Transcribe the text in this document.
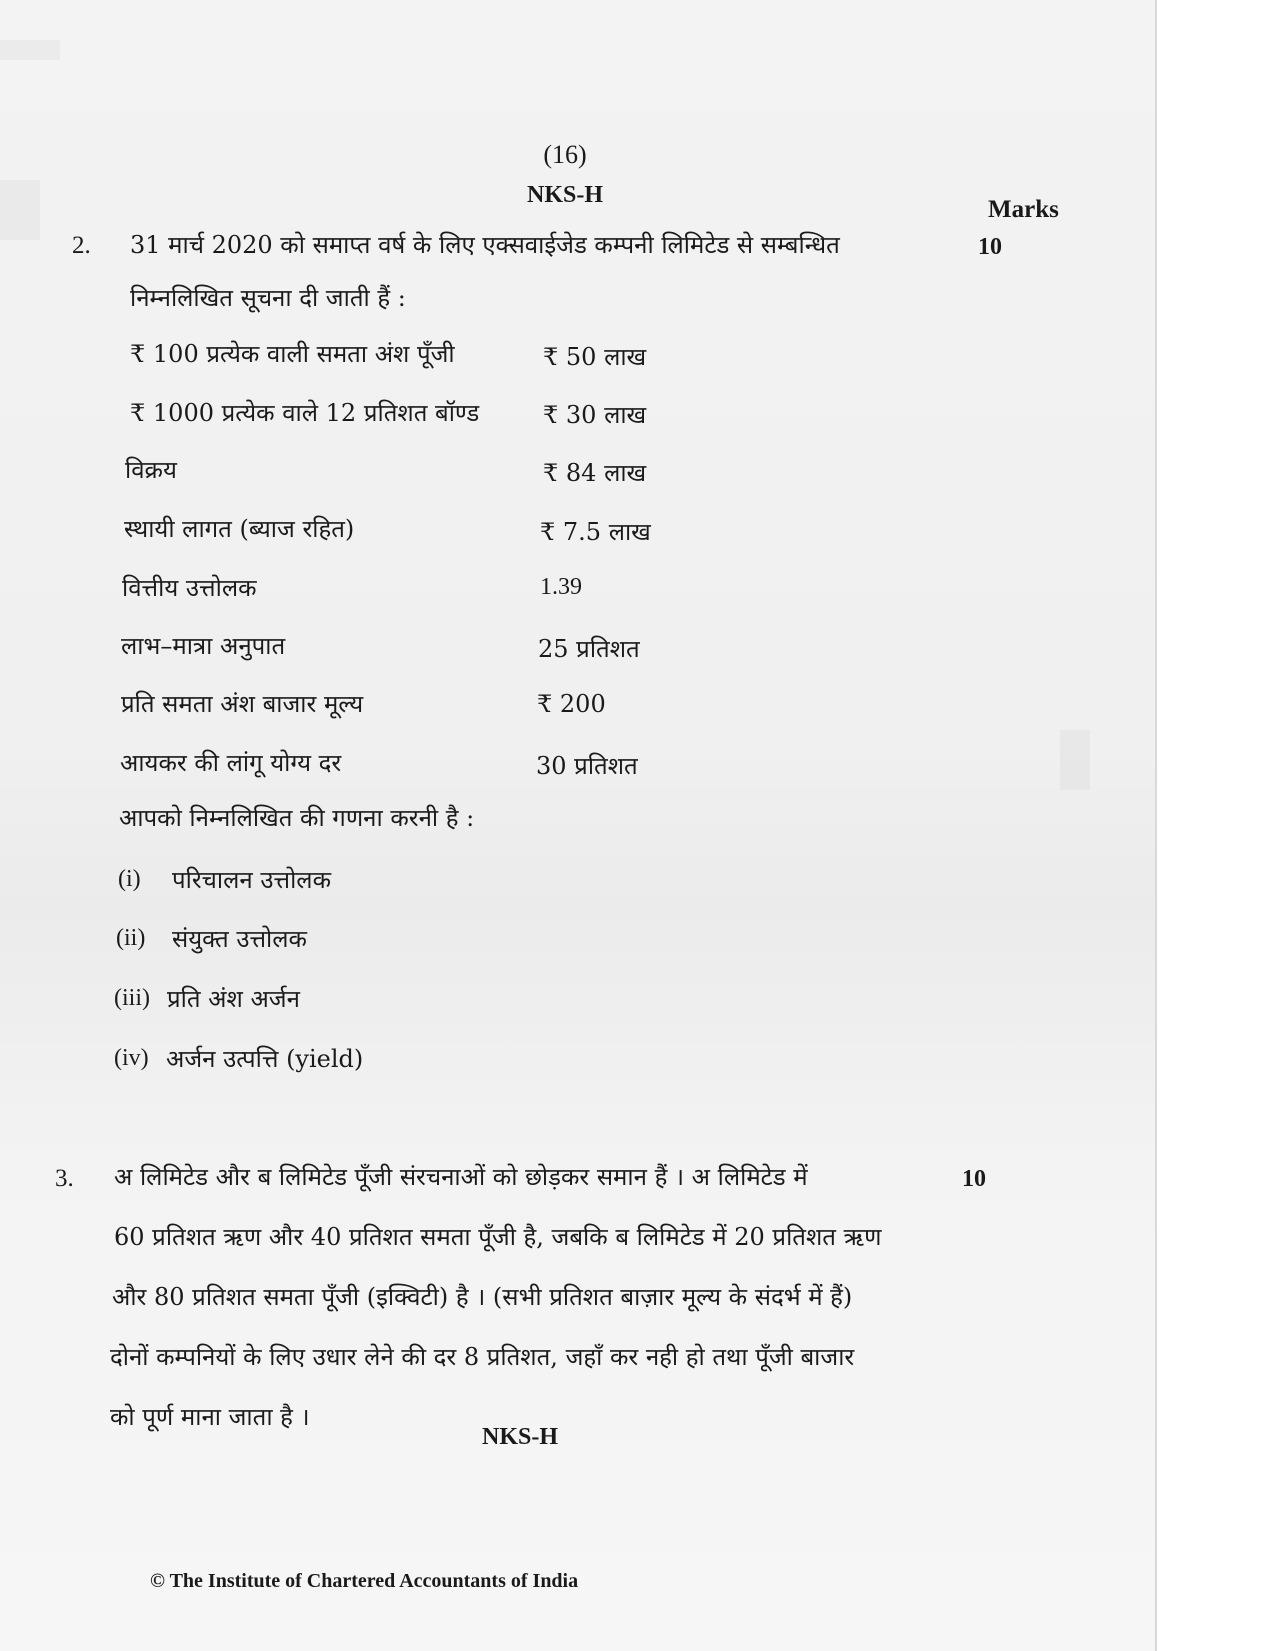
(16)
NKS-H
Marks
2.	10
31 मार्च 2020 को समाप्त वर्ष के लिए एक्सवाईजेड कम्पनी लिमिटेड से सम्बन्धित
निम्नलिखित सूचना दी जाती हैं :
₹ 100 प्रत्येक वाली समता अंश पूँजी	₹ 50 लाख
₹ 1000 प्रत्येक वाले 12 प्रतिशत बॉण्ड	₹ 30 लाख
विक्रय	₹ 84 लाख
स्थायी लागत (ब्याज रहित)	₹ 7.5 लाख
वित्तीय उत्तोलक	1.39
लाभ–मात्रा अनुपात	25 प्रतिशत
प्रति समता अंश बाजार मूल्य	₹ 200
आयकर की लांगू योग्य दर	30 प्रतिशत
आपको निम्नलिखित की गणना करनी है :
(i) परिचालन उत्तोलक
(ii) संयुक्त उत्तोलक
(iii) प्रति अंश अर्जन
(iv) अर्जन उत्पत्ति (yield)
3.	10
अ लिमिटेड और ब लिमिटेड पूँजी संरचनाओं को छोड़कर समान हैं । अ लिमिटेड में
60 प्रतिशत ऋण और 40 प्रतिशत समता पूँजी है, जबकि ब लिमिटेड में 20 प्रतिशत ऋण
और 80 प्रतिशत समता पूँजी (इक्विटी) है । (सभी प्रतिशत बाज़ार मूल्य के संदर्भ में हैं)
दोनों कम्पनियों के लिए उधार लेने की दर 8 प्रतिशत, जहाँ कर नही हो तथा पूँजी बाजार
को पूर्ण माना जाता है ।
NKS-H
© The Institute of Chartered Accountants of India
